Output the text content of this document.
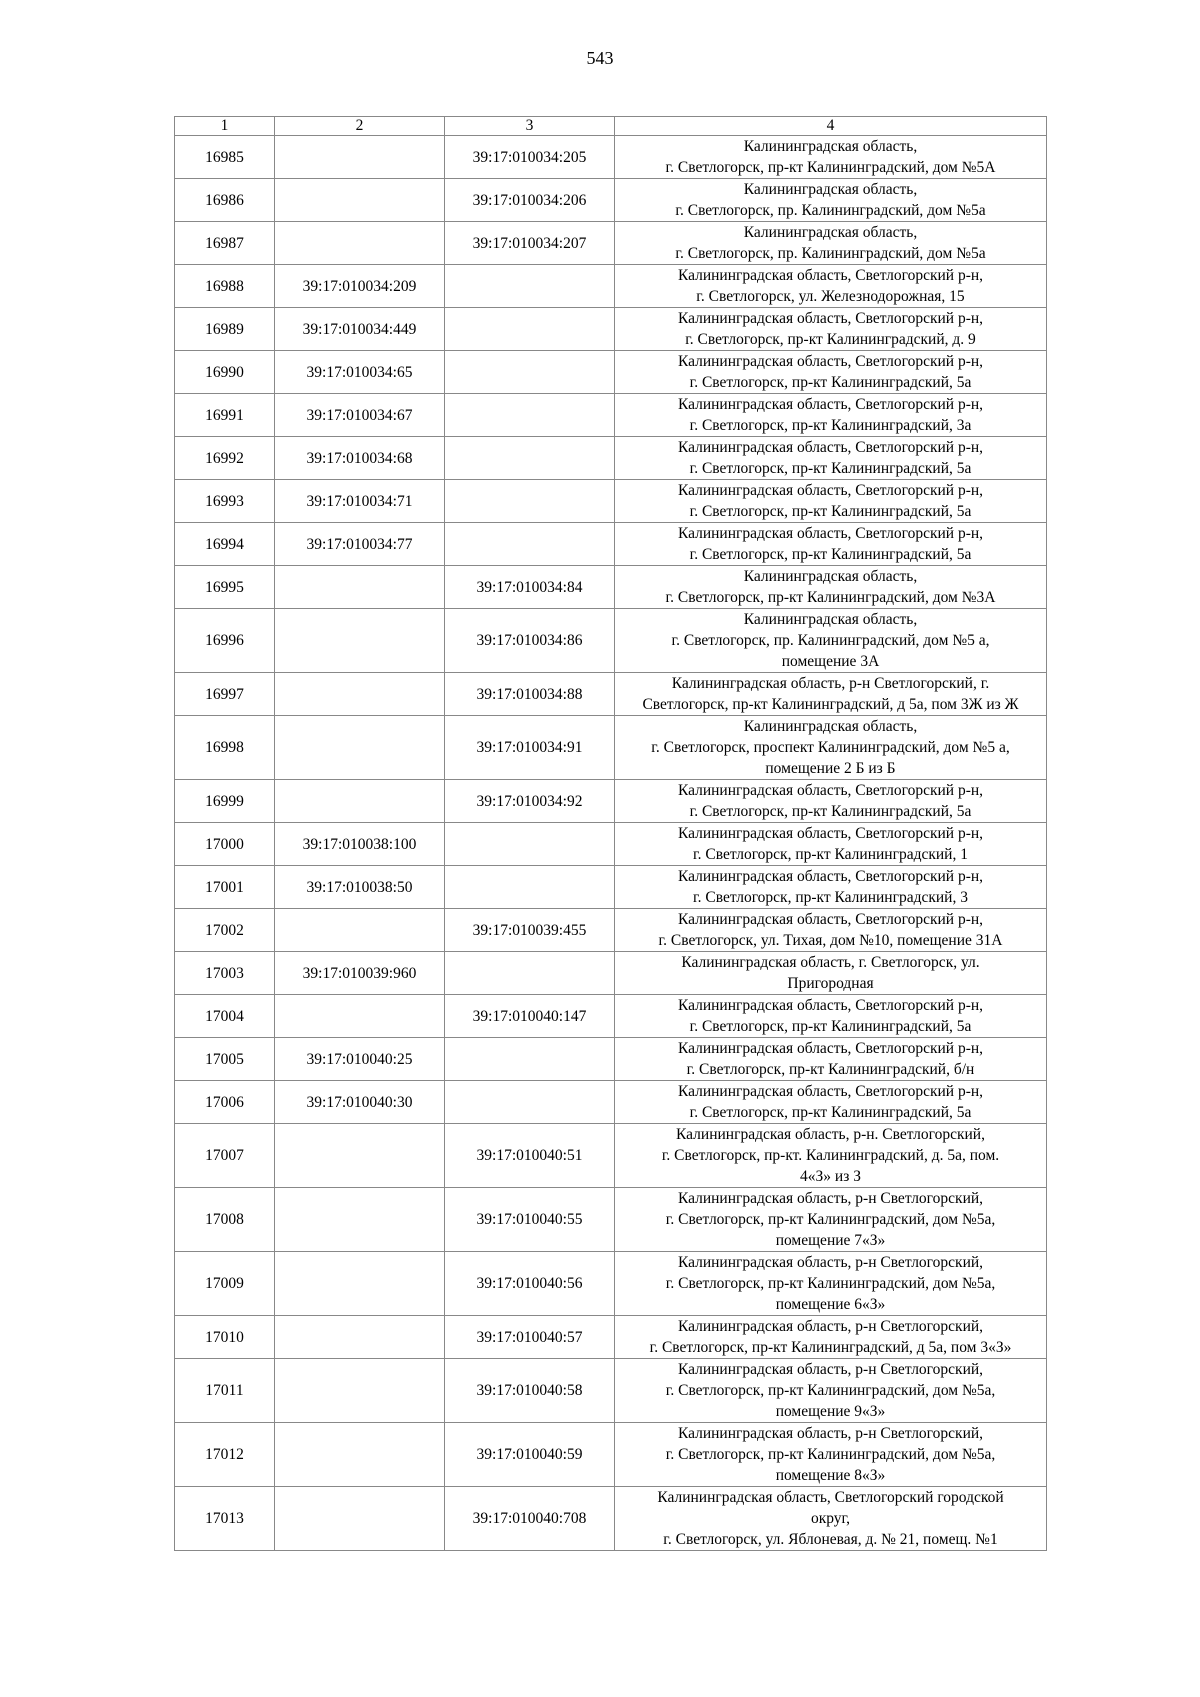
543
1	2	3	4
16985		39:17:010034:205	Калининградская область,
г. Светлогорск, пр-кт Калининградский, дом №5А

16986		39:17:010034:206	Калининградская область,
г. Светлогорск, пр. Калининградский, дом №5а

16987		39:17:010034:207	Калининградская область,
г. Светлогорск, пр. Калининградский, дом №5а

16988	39:17:010034:209		Калининградская область, Светлогорский р-н,
г. Светлогорск, ул. Железнодорожная, 15

16989	39:17:010034:449		Калининградская область, Светлогорский р-н,
г. Светлогорск, пр-кт Калининградский, д. 9

16990	39:17:010034:65		Калининградская область, Светлогорский р-н,
г. Светлогорск, пр-кт Калининградский, 5а

16991	39:17:010034:67		Калининградская область, Светлогорский р-н,
г. Светлогорск, пр-кт Калининградский, 3а

16992	39:17:010034:68		Калининградская область, Светлогорский р-н,
г. Светлогорск, пр-кт Калининградский, 5а

16993	39:17:010034:71		Калининградская область, Светлогорский р-н,
г. Светлогорск, пр-кт Калининградский, 5а

16994	39:17:010034:77		Калининградская область, Светлогорский р-н,
г. Светлогорск, пр-кт Калининградский, 5а

16995		39:17:010034:84	Калининградская область,
г. Светлогорск, пр-кт Калининградский, дом №3А

16996		39:17:010034:86	Калининградская область,
г. Светлогорск, пр. Калининградский, дом №5 а,
помещение 3А

16997		39:17:010034:88	Калининградская область, р-н Светлогорский, г.
Светлогорск, пр-кт Калининградский, д 5а, пом 3Ж из Ж

16998		39:17:010034:91	Калининградская область,
г. Светлогорск, проспект Калининградский, дом №5 а,
помещение 2 Б из Б

16999		39:17:010034:92	Калининградская область, Светлогорский р-н,
г. Светлогорск, пр-кт Калининградский, 5а

17000	39:17:010038:100		Калининградская область, Светлогорский р-н,
г. Светлогорск, пр-кт Калининградский, 1

17001	39:17:010038:50		Калининградская область, Светлогорский р-н,
г. Светлогорск, пр-кт Калининградский, 3

17002		39:17:010039:455	Калининградская область, Светлогорский р-н,
г. Светлогорск, ул. Тихая, дом №10, помещение 31А

17003	39:17:010039:960		Калининградская область, г. Светлогорск, ул.
Пригородная

17004		39:17:010040:147	Калининградская область, Светлогорский р-н,
г. Светлогорск, пр-кт Калининградский, 5а

17005	39:17:010040:25		Калининградская область, Светлогорский р-н,
г. Светлогорск, пр-кт Калининградский, б/н

17006	39:17:010040:30		Калининградская область, Светлогорский р-н,
г. Светлогорск, пр-кт Калининградский, 5а

17007		39:17:010040:51	Калининградская область, р-н. Светлогорский,
г. Светлогорск, пр-кт. Калининградский, д. 5а, пом.
4«З» из З

17008		39:17:010040:55	Калининградская область, р-н Светлогорский,
г. Светлогорск, пр-кт Калининградский, дом №5а,
помещение 7«З»

17009		39:17:010040:56	Калининградская область, р-н Светлогорский,
г. Светлогорск, пр-кт Калининградский, дом №5а,
помещение 6«З»

17010		39:17:010040:57	Калининградская область, р-н Светлогорский,
г. Светлогорск, пр-кт Калининградский, д 5а, пом 3«З»

17011		39:17:010040:58	Калининградская область, р-н Светлогорский,
г. Светлогорск, пр-кт Калининградский, дом №5а,
помещение 9«З»

17012		39:17:010040:59	Калининградская область, р-н Светлогорский,
г. Светлогорск, пр-кт Калининградский, дом №5а,
помещение 8«З»

17013		39:17:010040:708	Калининградская область, Светлогорский городской
округ,
г. Светлогорск, ул. Яблоневая, д. № 21, помещ. №1
